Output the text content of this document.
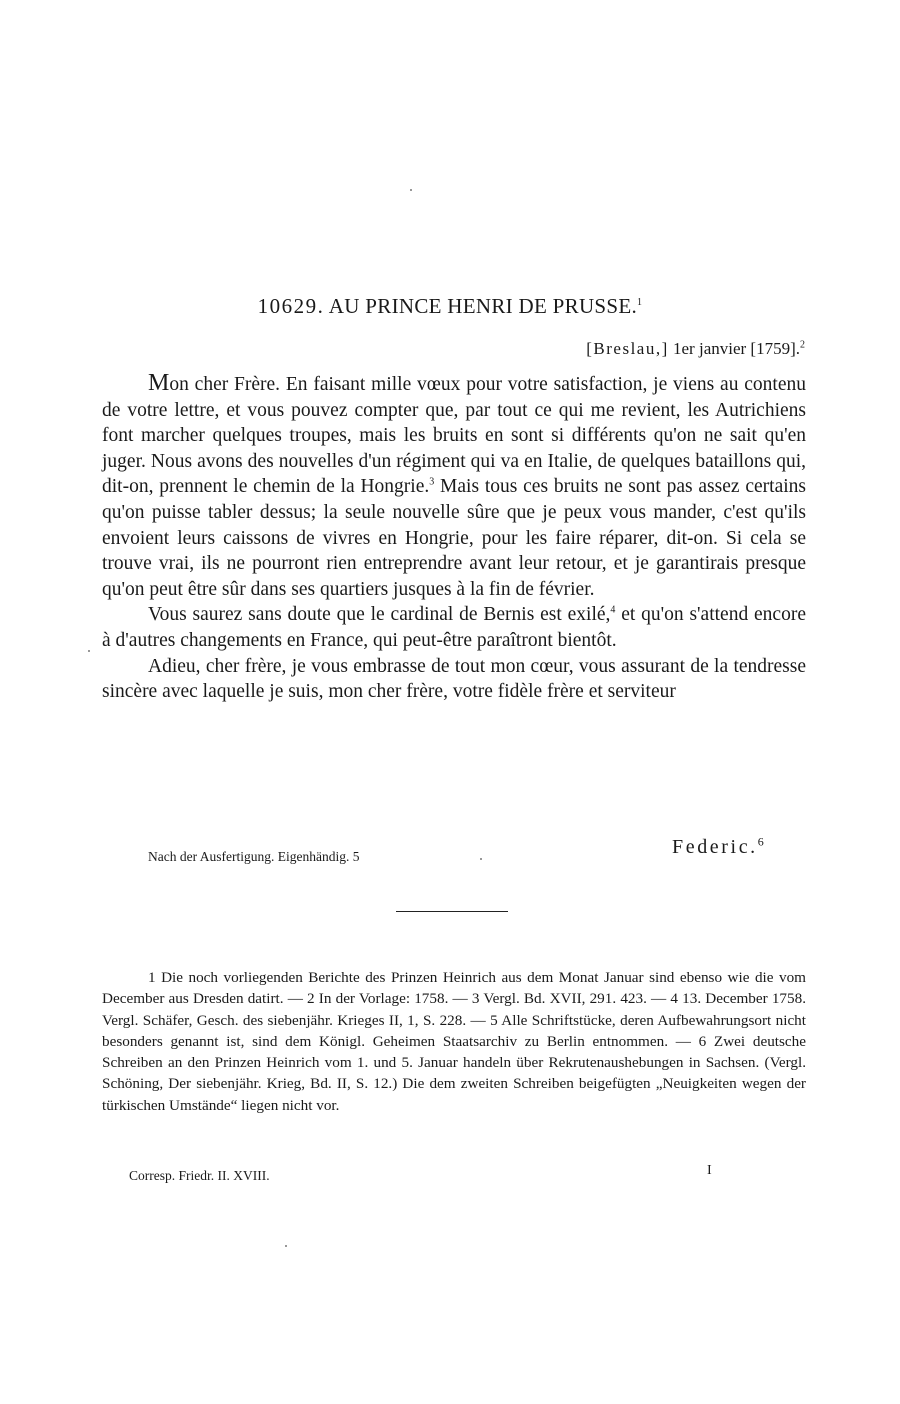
10629. AU PRINCE HENRI DE PRUSSE.$^1$
[Breslau,] 1er janvier [1759].$^2$

Mon cher Frère. En faisant mille vœux pour votre satisfaction, je viens au contenu de votre lettre, et vous pouvez compter que, par tout ce qui me revient, les Autrichiens font marcher quelques troupes, mais les bruits en sont si différents qu'on ne sait qu'en juger. Nous avons des nouvelles d'un régiment qui va en Italie, de quelques bataillons qui, dit-on, prennent le chemin de la Hongrie.$^3$ Mais tous ces bruits ne sont pas assez certains qu'on puisse tabler dessus; la seule nouvelle sûre que je peux vous mander, c'est qu'ils envoient leurs caissons de vivres en Hongrie, pour les faire réparer, dit-on. Si cela se trouve vrai, ils ne pourront rien entreprendre avant leur retour, et je garantirais presque qu'on peut être sûr dans ses quartiers jusques à la fin de février.

Vous saurez sans doute que le cardinal de Bernis est exilé,$^4$ et qu'on s'attend encore à d'autres changements en France, qui peut-être paraîtront bientôt.

Adieu, cher frère, je vous embrasse de tout mon cœur, vous assurant de la tendresse sincère avec laquelle je suis, mon cher frère, votre fidèle frère et serviteur

Nach der Ausfertigung. Eigenhändig. 5	Federic.$^6$

1 Die noch vorliegenden Berichte des Prinzen Heinrich aus dem Monat Januar sind ebenso wie die vom December aus Dresden datirt. — 2 In der Vorlage: 1758. — 3 Vergl. Bd. XVII, 291. 423. — 4 13. December 1758. Vergl. Schäfer, Gesch. des siebenjähr. Krieges II, 1, S. 228. — 5 Alle Schriftstücke, deren Aufbewahrungsort nicht besonders genannt ist, sind dem Königl. Geheimen Staatsarchiv zu Berlin entnommen. — 6 Zwei deutsche Schreiben an den Prinzen Heinrich vom 1. und 5. Januar handeln über Rekrutenaushebungen in Sachsen. (Vergl. Schöning, Der siebenjähr. Krieg, Bd. II, S. 12.) Die dem zweiten Schreiben beigefügten „Neuigkeiten wegen der türkischen Umstände“ liegen nicht vor.

Corresp. Friedr. II. XVIII.	I
